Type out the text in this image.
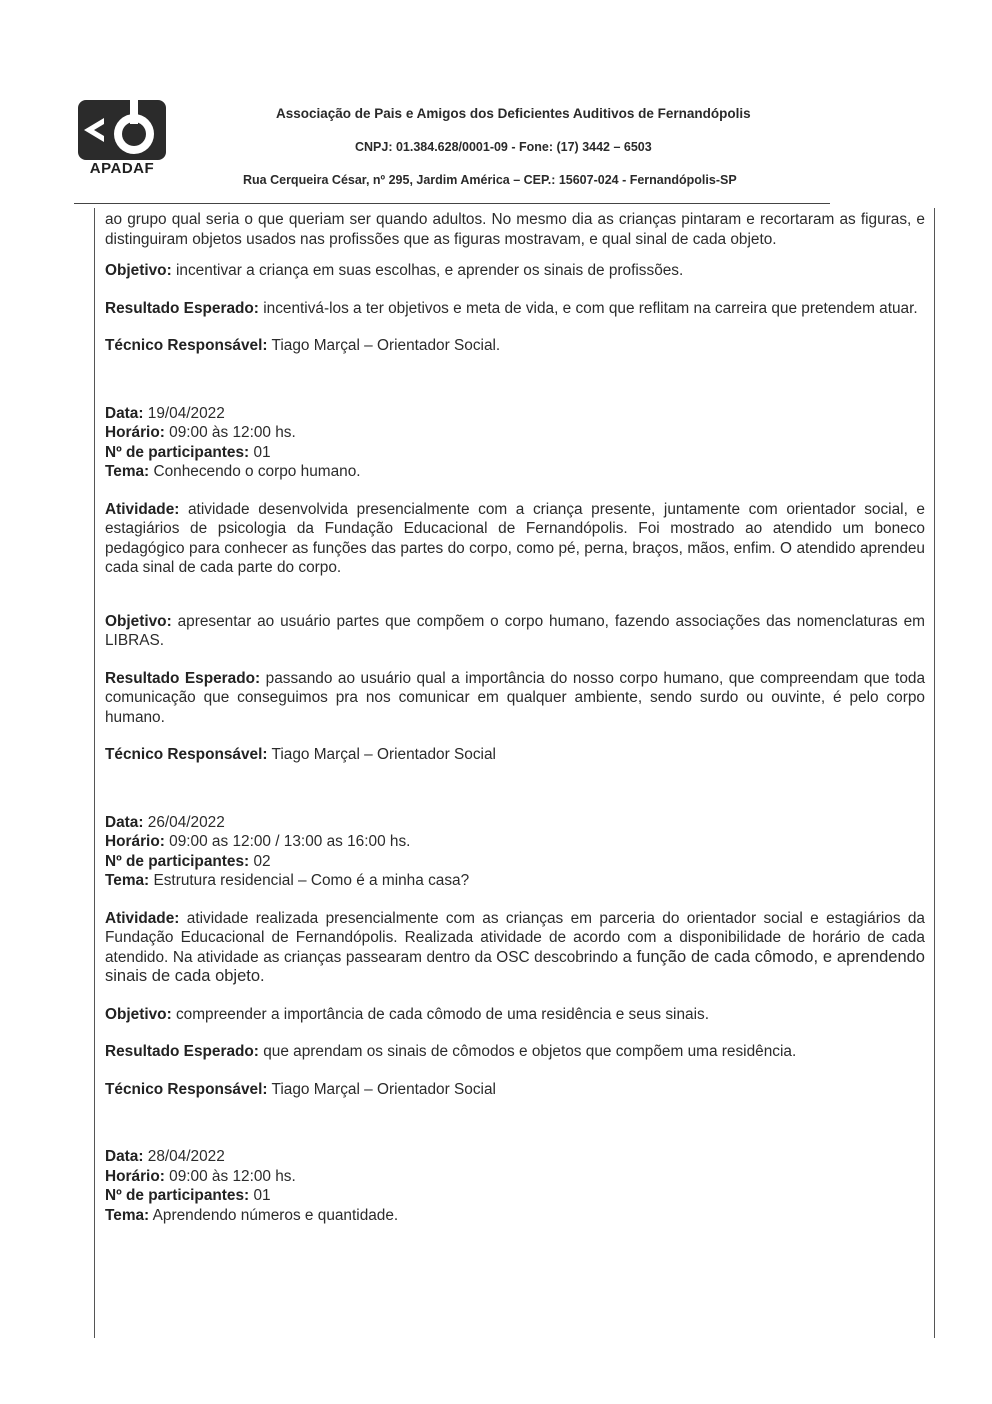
APADAF
Associação de Pais e Amigos dos Deficientes Auditivos de Fernandópolis
CNPJ: 01.384.628/0001-09 - Fone: (17) 3442 – 6503
Rua Cerqueira César, nº 295, Jardim América – CEP.: 15607-024 - Fernandópolis-SP

ao grupo qual seria o que queriam ser quando adultos. No mesmo dia as crianças pintaram e recortaram as figuras, e distinguiram objetos usados nas profissões que as figuras mostravam, e qual sinal de cada objeto.

Objetivo: incentivar a criança em suas escolhas, e aprender os sinais de profissões.

Resultado Esperado: incentivá-los a ter objetivos e meta de vida, e com que reflitam na carreira que pretendem atuar.

Técnico Responsável: Tiago Marçal – Orientador Social.

Data: 19/04/2022
Horário: 09:00 às 12:00 hs.
Nº de participantes: 01
Tema: Conhecendo o corpo humano.

Atividade: atividade desenvolvida presencialmente com a criança presente, juntamente com orientador social, e estagiários de psicologia da Fundação Educacional de Fernandópolis. Foi mostrado ao atendido um boneco pedagógico para conhecer as funções das partes do corpo, como pé, perna, braços, mãos, enfim. O atendido aprendeu cada sinal de cada parte do corpo.

Objetivo: apresentar ao usuário partes que compõem o corpo humano, fazendo associações das nomenclaturas em LIBRAS.

Resultado Esperado: passando ao usuário qual a importância do nosso corpo humano, que compreendam que toda comunicação que conseguimos pra nos comunicar em qualquer ambiente, sendo surdo ou ouvinte, é pelo corpo humano.

Técnico Responsável: Tiago Marçal – Orientador Social

Data: 26/04/2022
Horário: 09:00 as 12:00 / 13:00 as 16:00 hs.
Nº de participantes: 02
Tema: Estrutura residencial – Como é a minha casa?

Atividade: atividade realizada presencialmente com as crianças em parceria do orientador social e estagiários da Fundação Educacional de Fernandópolis. Realizada atividade de acordo com a disponibilidade de horário de cada atendido. Na atividade as crianças passearam dentro da OSC descobrindo a função de cada cômodo, e aprendendo sinais de cada objeto.

Objetivo: compreender a importância de cada cômodo de uma residência e seus sinais.

Resultado Esperado: que aprendam os sinais de cômodos e objetos que compõem uma residência.

Técnico Responsável: Tiago Marçal – Orientador Social

Data: 28/04/2022
Horário: 09:00 às 12:00 hs.
Nº de participantes: 01
Tema: Aprendendo números e quantidade.
